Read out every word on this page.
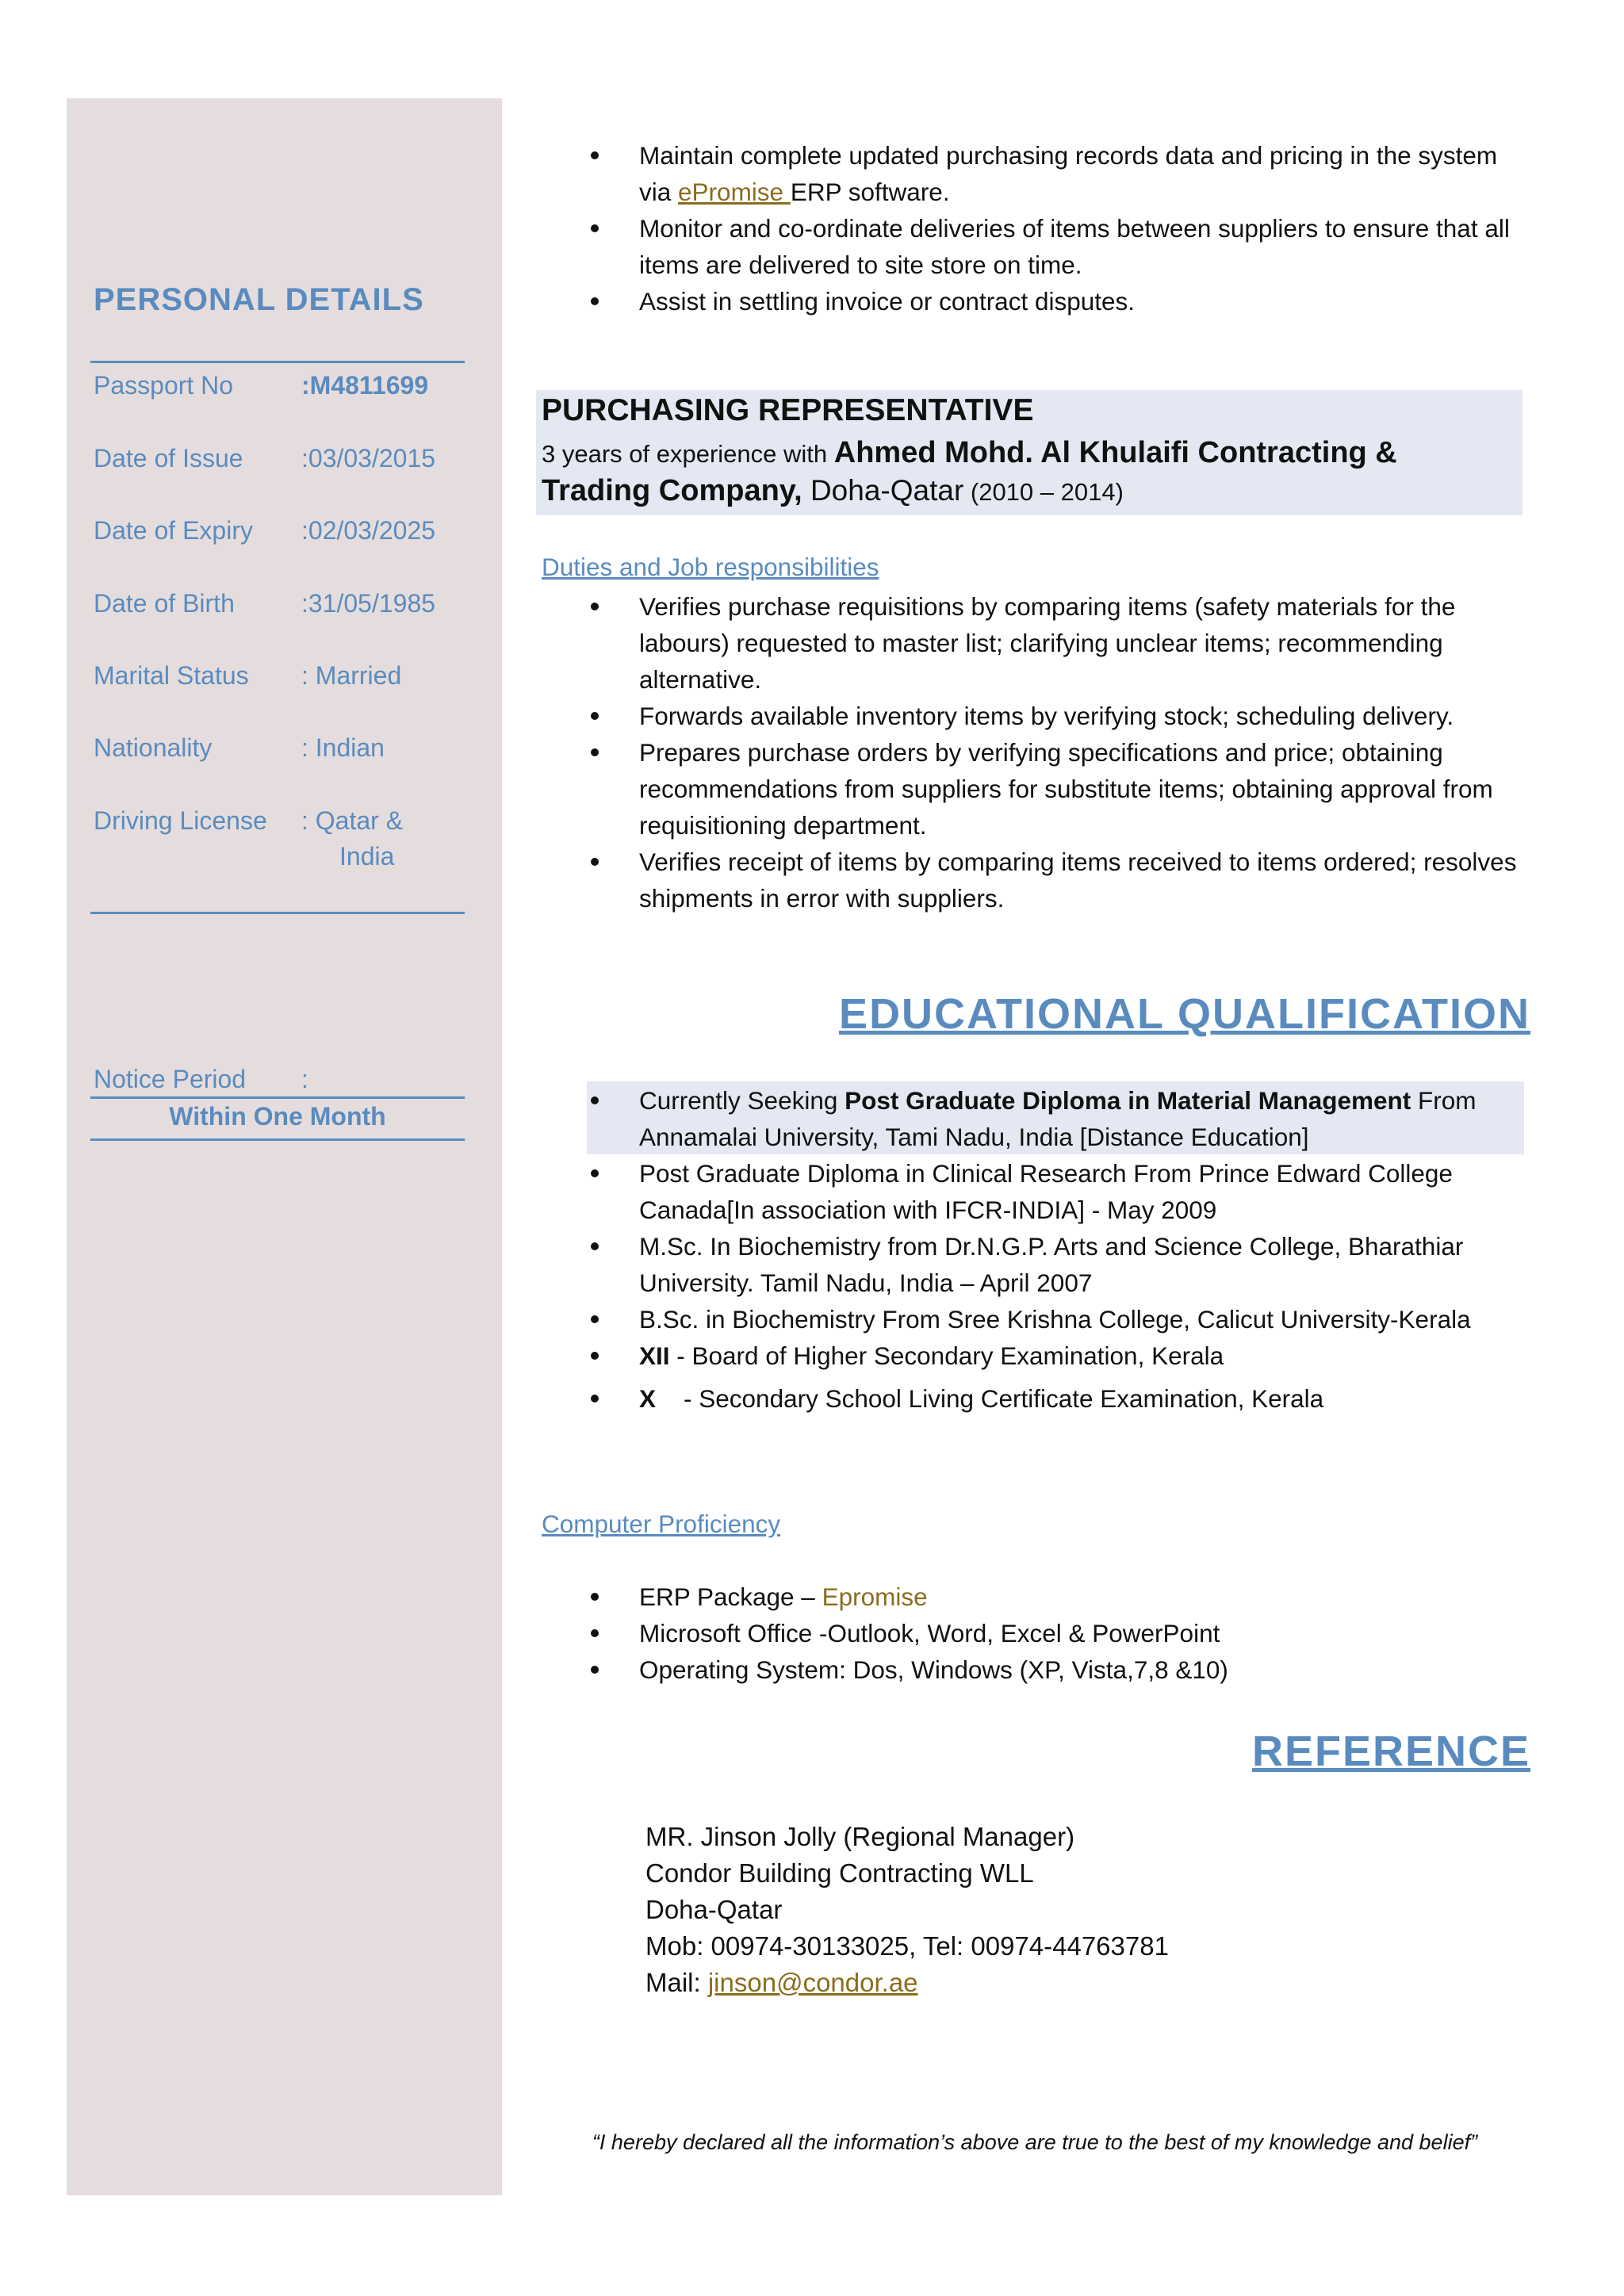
PERSONAL DETAILS
Passport No	:M4811699
Date of Issue :03/03/2015
Date of Expiry :02/03/2025
Date of Birth	:31/05/1985
Marital Status : Married
Nationality	: Indian
Driving License : Qatar &
India
Notice Period :
Within One Month
Maintain complete updated purchasing records data and pricing in the system via ePromise ERP software.
Monitor and co-ordinate deliveries of items between suppliers to ensure that all items are delivered to site store on time.
Assist in settling invoice or contract disputes.
PURCHASING REPRESENTATIVE
3 years of experience with Ahmed Mohd. Al Khulaifi Contracting &
Trading Company, Doha-Qatar (2010 – 2014)
Duties and Job responsibilities
Verifies purchase requisitions by comparing items (safety materials for the labours) requested to master list; clarifying unclear items; recommending alternative.
Forwards available inventory items by verifying stock; scheduling delivery.
Prepares purchase orders by verifying specifications and price; obtaining recommendations from suppliers for substitute items; obtaining approval from requisitioning department.
Verifies receipt of items by comparing items received to items ordered; resolves shipments in error with suppliers.
EDUCATIONAL QUALIFICATION
Currently Seeking Post Graduate Diploma in Material Management From Annamalai University, Tami Nadu, India [Distance Education]
Post Graduate Diploma in Clinical Research From Prince Edward College Canada[In association with IFCR-INDIA] - May 2009
M.Sc. In Biochemistry from Dr.N.G.P. Arts and Science College, Bharathiar University. Tamil Nadu, India – April 2007
B.Sc. in Biochemistry From Sree Krishna College, Calicut University-Kerala
XII - Board of Higher Secondary Examination, Kerala
X    - Secondary School Living Certificate Examination, Kerala
Computer Proficiency
ERP Package – Epromise
Microsoft Office -Outlook, Word, Excel & PowerPoint
Operating System: Dos, Windows (XP, Vista,7,8 &10)
REFERENCE
MR. Jinson Jolly (Regional Manager)
Condor Building Contracting WLL
Doha-Qatar
Mob: 00974-30133025, Tel: 00974-44763781
Mail: jinson@condor.ae
“I hereby declared all the information’s above are true to the best of my knowledge and belief”
